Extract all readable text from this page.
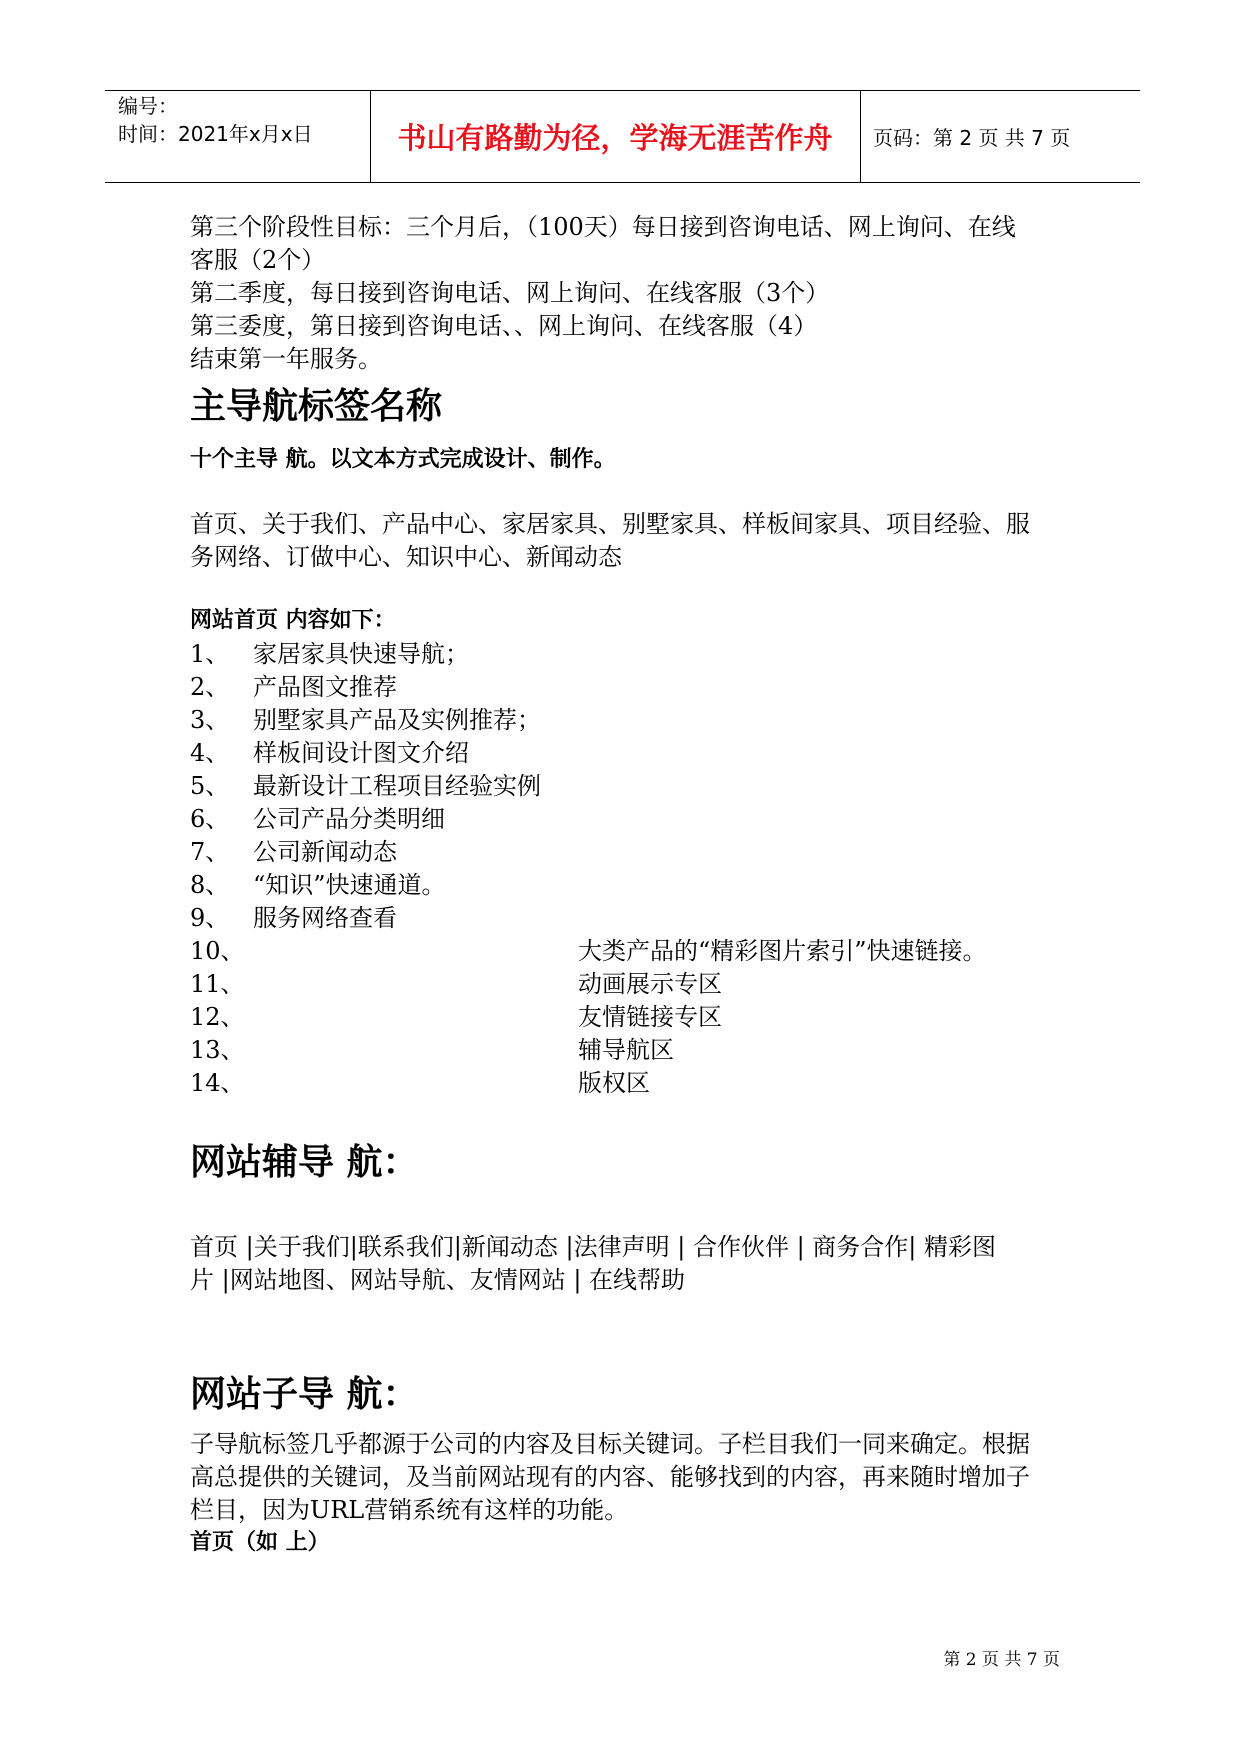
编号：
时间：2021年x月x日	书山有路勤为径，学海无涯苦作舟	页码：第 2 页 共 7 页
第三个阶段性目标：三个月后，（100天）每日接到咨询电话、网上询问、在线
客服（2个）
第二季度，每日接到咨询电话、网上询问、在线客服（3个）
第三委度，第日接到咨询电话、、网上询问、在线客服（4）
结束第一年服务。
主导航标签名称
十个主导 航。以文本方式完成设计、制作。
首页、关于我们、产品中心、家居家具、别墅家具、样板间家具、项目经验、服
务网络、订做中心、知识中心、新闻动态
网站首页 内容如下：
1、 家居家具快速导航；
2、 产品图文推荐
3、 别墅家具产品及实例推荐；
4、 样板间设计图文介绍
5、 最新设计工程项目经验实例
6、 公司产品分类明细
7、 公司新闻动态
8、 “知识”快速通道。
9、 服务网络查看
10、	大类产品的“精彩图片索引”快速链接。
11、	动画展示专区
12、	友情链接专区
13、	辅导航区
14、	版权区
网站辅导 航：
首页 |关于我们|联系我们|新闻动态 |法律声明 | 合作伙伴 | 商务合作| 精彩图
片 |网站地图、网站导航、友情网站 | 在线帮助
网站子导 航：
子导航标签几乎都源于公司的内容及目标关键词。子栏目我们一同来确定。根据
高总提供的关键词，及当前网站现有的内容、能够找到的内容，再来随时增加子
栏目，因为URL营销系统有这样的功能。
首页（如 上）
第 2 页 共 7 页
